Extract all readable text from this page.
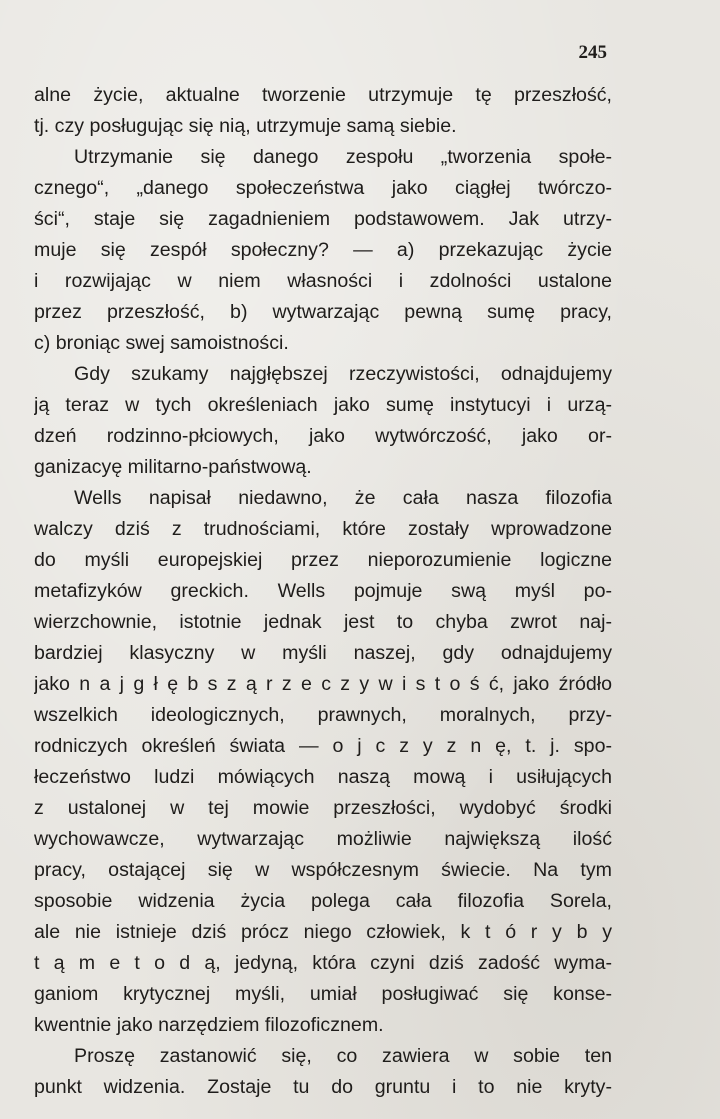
245
alne życie, aktualne tworzenie utrzymuje tę przeszłość,
tj. czy posługując się nią, utrzymuje samą siebie.
Utrzymanie się danego zespołu „tworzenia społe-
cznego“, „danego społeczeństwa jako ciągłej twórczo-
ści“, staje się zagadnieniem podstawowem. Jak utrzy-
muje się zespół społeczny? — a) przekazując życie
i rozwijając w niem własności i zdolności ustalone
przez przeszłość, b) wytwarzając pewną sumę pracy,
c) broniąc swej samoistności.
Gdy szukamy najgłębszej rzeczywistości, odnajdujemy
ją teraz w tych określeniach jako sumę instytucyi i urzą-
dzeń rodzinno-płciowych, jako wytwórczość, jako or-
ganizacyę militarno-państwową.
Wells napisał niedawno, że cała nasza filozofia
walczy dziś z trudnościami, które zostały wprowadzone
do myśli europejskiej przez nieporozumienie logiczne
metafizyków greckich. Wells pojmuje swą myśl po-
wierzchownie, istotnie jednak jest to chyba zwrot naj-
bardziej klasyczny w myśli naszej, gdy odnajdujemy
jako n a j g ł ę b s z ą r z e c z y w i s t o ś ć, jako źródło
wszelkich ideologicznych, prawnych, moralnych, przy-
rodniczych określeń świata — o j c z y z n ę, t. j. spo-
łeczeństwo ludzi mówiących naszą mową i usiłujących
z ustalonej w tej mowie przeszłości, wydobyć środki
wychowawcze, wytwarzając możliwie największą ilość
pracy, ostającej się w współczesnym świecie. Na tym
sposobie widzenia życia polega cała filozofia Sorela,
ale nie istnieje dziś prócz niego człowiek, k t ó r y b y
t ą m e t o d ą, jedyną, która czyni dziś zadość wyma-
ganiom krytycznej myśli, umiał posługiwać się konse-
kwentnie jako narzędziem filozoficznem.
Proszę zastanowić się, co zawiera w sobie ten
punkt widzenia. Zostaje tu do gruntu i to nie kryty-
